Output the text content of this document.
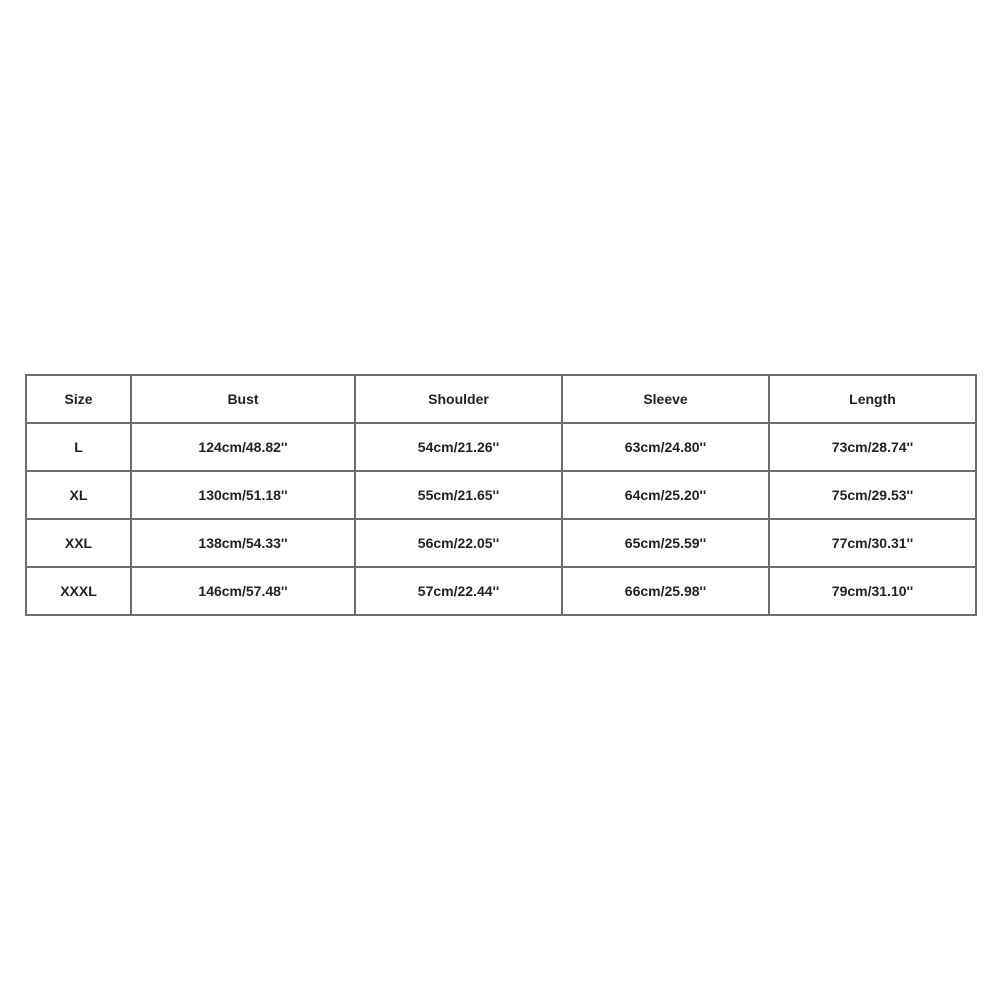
Size	Bust	Shoulder	Sleeve	Length
L	124cm/48.82''	54cm/21.26''	63cm/24.80''	73cm/28.74''
XL	130cm/51.18''	55cm/21.65''	64cm/25.20''	75cm/29.53''
XXL	138cm/54.33''	56cm/22.05''	65cm/25.59''	77cm/30.31''
XXXL	146cm/57.48''	57cm/22.44''	66cm/25.98''	79cm/31.10''
